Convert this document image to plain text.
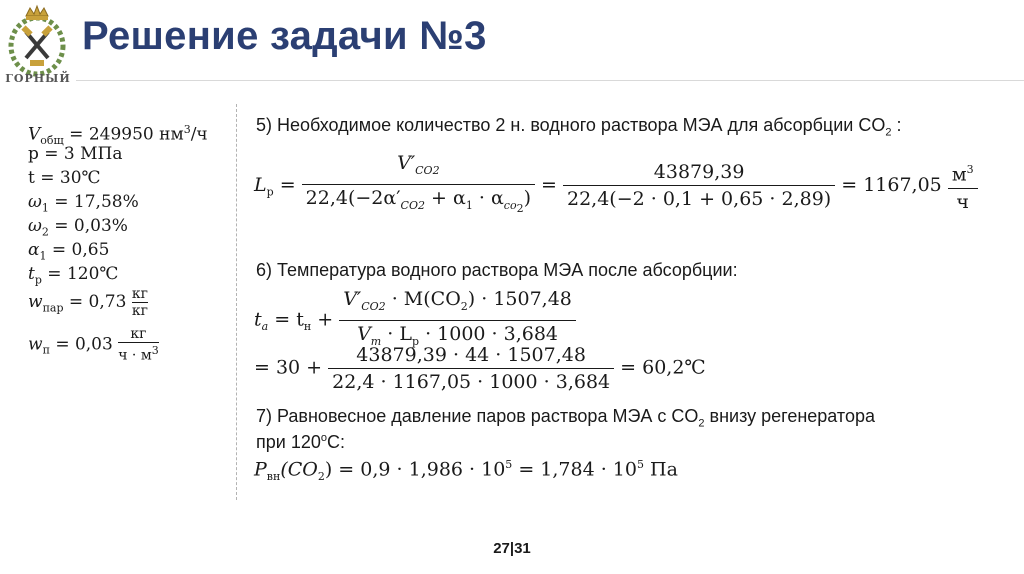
ГОРНЫЙ
Решение задачи №3
$V_{общ} = 249950$ $нм^3/ч$
p = 3 МПа
t = 30℃
$\omega_1 = 17,58\%$
$\omega_2 = 0,03\%$
$\alpha_1 = 0,65$
$t_р$ = 120℃
$w_{пар} = 0,73 \frac{кг}{кг}$
$w_п = 0,03 \frac{кг}{ч \cdot м^3}$
5) Необходимое количество 2 н. водного раствора МЭА для абсорбции $CO_2$ :
$L_р$ =
$V'_{CO2}$
$22,4(-2\alpha'_{CO2} + \alpha_1 \cdot \alpha_{co_2})$
= $\frac{43879,39}{22,4(-2 \cdot 0,1 + 0,65 \cdot 2,89)} = 1167,05$ $м^3$
ч
6) Температура водного раствора МЭА после абсорбции:
$t_a = t_н$ +
$V'_{CO2} \cdot M(CO_2) \cdot 1507,48$
$V_m \cdot L_р \cdot 1000 \cdot 3,684$
= $30 + \frac{43879,39 \cdot 44 \cdot 1507,48}{22,4 \cdot 1167,05 \cdot 1000 \cdot 3,684}$ = 60,2℃
7) Равновесное давление паров раствора МЭА с $CO_2$ внизу регенератора
при $120^оС$:
$P_{вн}(CO_2) = 0,9 \cdot 1,986 \cdot 10^5 = 1,784 \cdot 10^5$ Па
27|31
